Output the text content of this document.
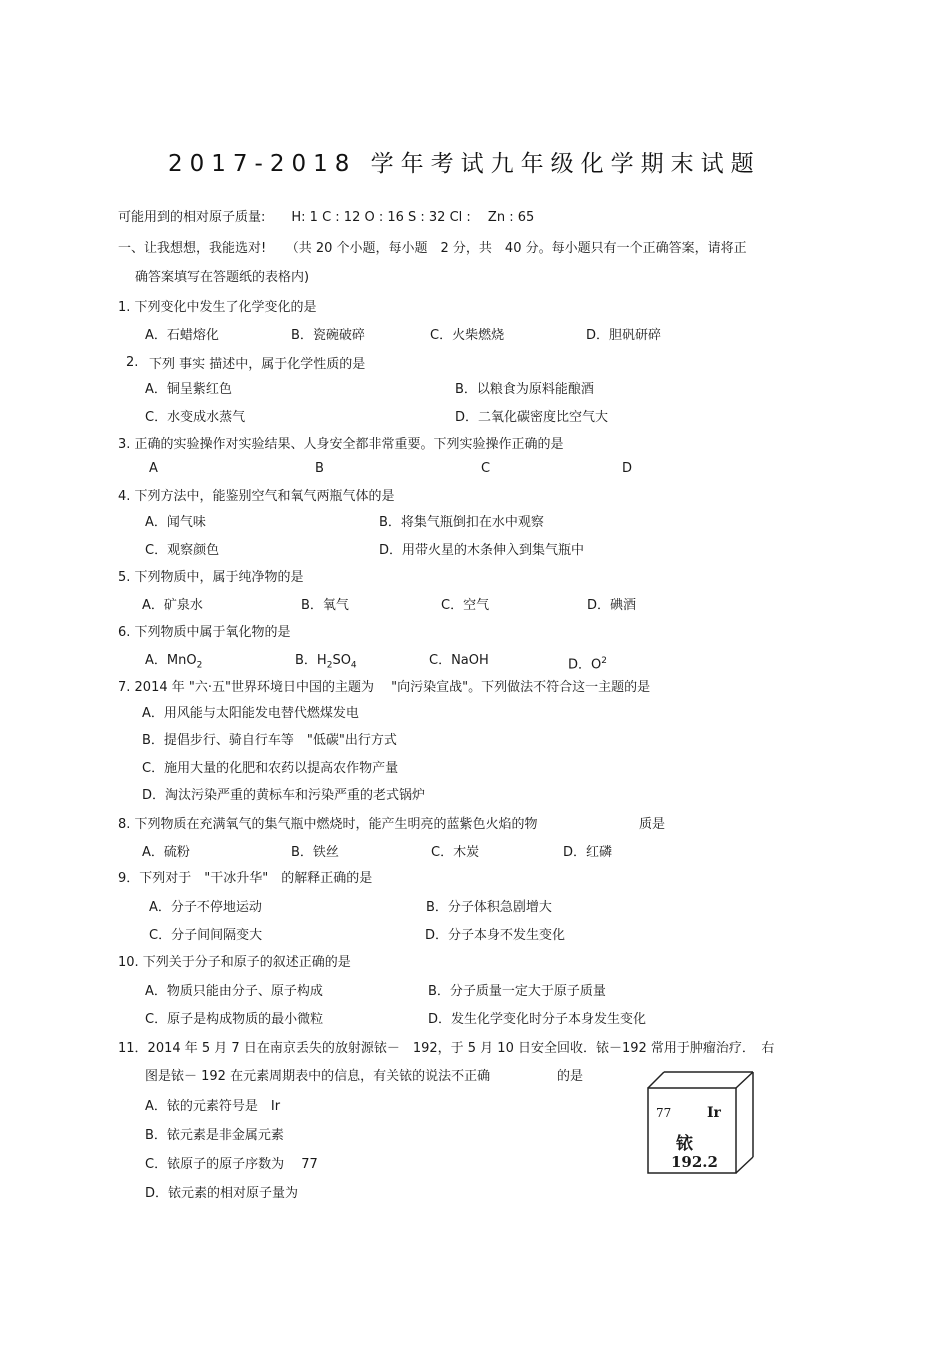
2017-2018 学年考试九年级化学期末试题
可能用到的相对原子质量:　　H: 1 C : 12 O : 16 S : 32 Cl :　 Zn : 65
一、让我想想，我能选对!　　（共 20 个小题，每小题　2 分，共　40 分。每小题只有一个正确答案，请将正
确答案填写在答题纸的表格内)
1. 下列变化中发生了化学变化的是
A．石蜡熔化	B．瓷碗破碎	C．火柴燃烧	D．胆矾研碎
2. 下列 事实 描述中，属于化学性质的是
A．铜呈紫红色	B．以粮食为原料能酿酒
C．水变成水蒸气	D．二氧化碳密度比空气大
3. 正确的实验操作对实验结果、人身安全都非常重要。下列实验操作正确的是
A	B	C	D
4. 下列方法中，能鉴别空气和氧气两瓶气体的是
A．闻气味	B．将集气瓶倒扣在水中观察
C．观察颜色	D．用带火星的木条伸入到集气瓶中
5. 下列物质中，属于纯净物的是
A．矿泉水	B．氧气	C．空气	D．碘酒
6. 下列物质中属于氧化物的是
A．MnO$_2$	B．$H_2SO_4$	C．NaOH	D．$O^2$
7. 2014 年 "六·五"世界环境日中国的主题为　 "向污染宣战"。下列做法不符合这一主题的是
A．用风能与太阳能发电替代燃煤发电
B．提倡步行、骑自行车等　"低碳"出行方式
C．施用大量的化肥和农药以提高农作物产量
D．淘汰污染严重的黄标车和污染严重的老式锅炉
8. 下列物质在充满氧气的集气瓶中燃烧时，能产生明亮的蓝紫色火焰的物	质是
A．硫粉	B．铁丝	C．木炭	D．红磷
9．下列对于　"干冰升华"　的解释正确的是
A．分子不停地运动	B．分子体积急剧增大
C．分子间间隔变大	D．分子本身不发生变化
10. 下列关于分子和原子的叙述正确的是
A．物质只能由分子、原子构成	B．分子质量一定大于原子质量
C．原子是构成物质的最小微粒	D．发生化学变化时分子本身发生变化
11．2014 年 5 月 7 日在南京丢失的放射源铱－　192，于 5 月 10 日安全回收．铱－192 常用于肿瘤治疗．　右
图是铱－ 192 在元素周期表中的信息，有关铱的说法不正确	的是
A．铱的元素符号是　Ir
B．铱元素是非金属元素
C．铱原子的原子序数为　 77
D．铱元素的相对原子量为
77	Ir
铱
192.2
